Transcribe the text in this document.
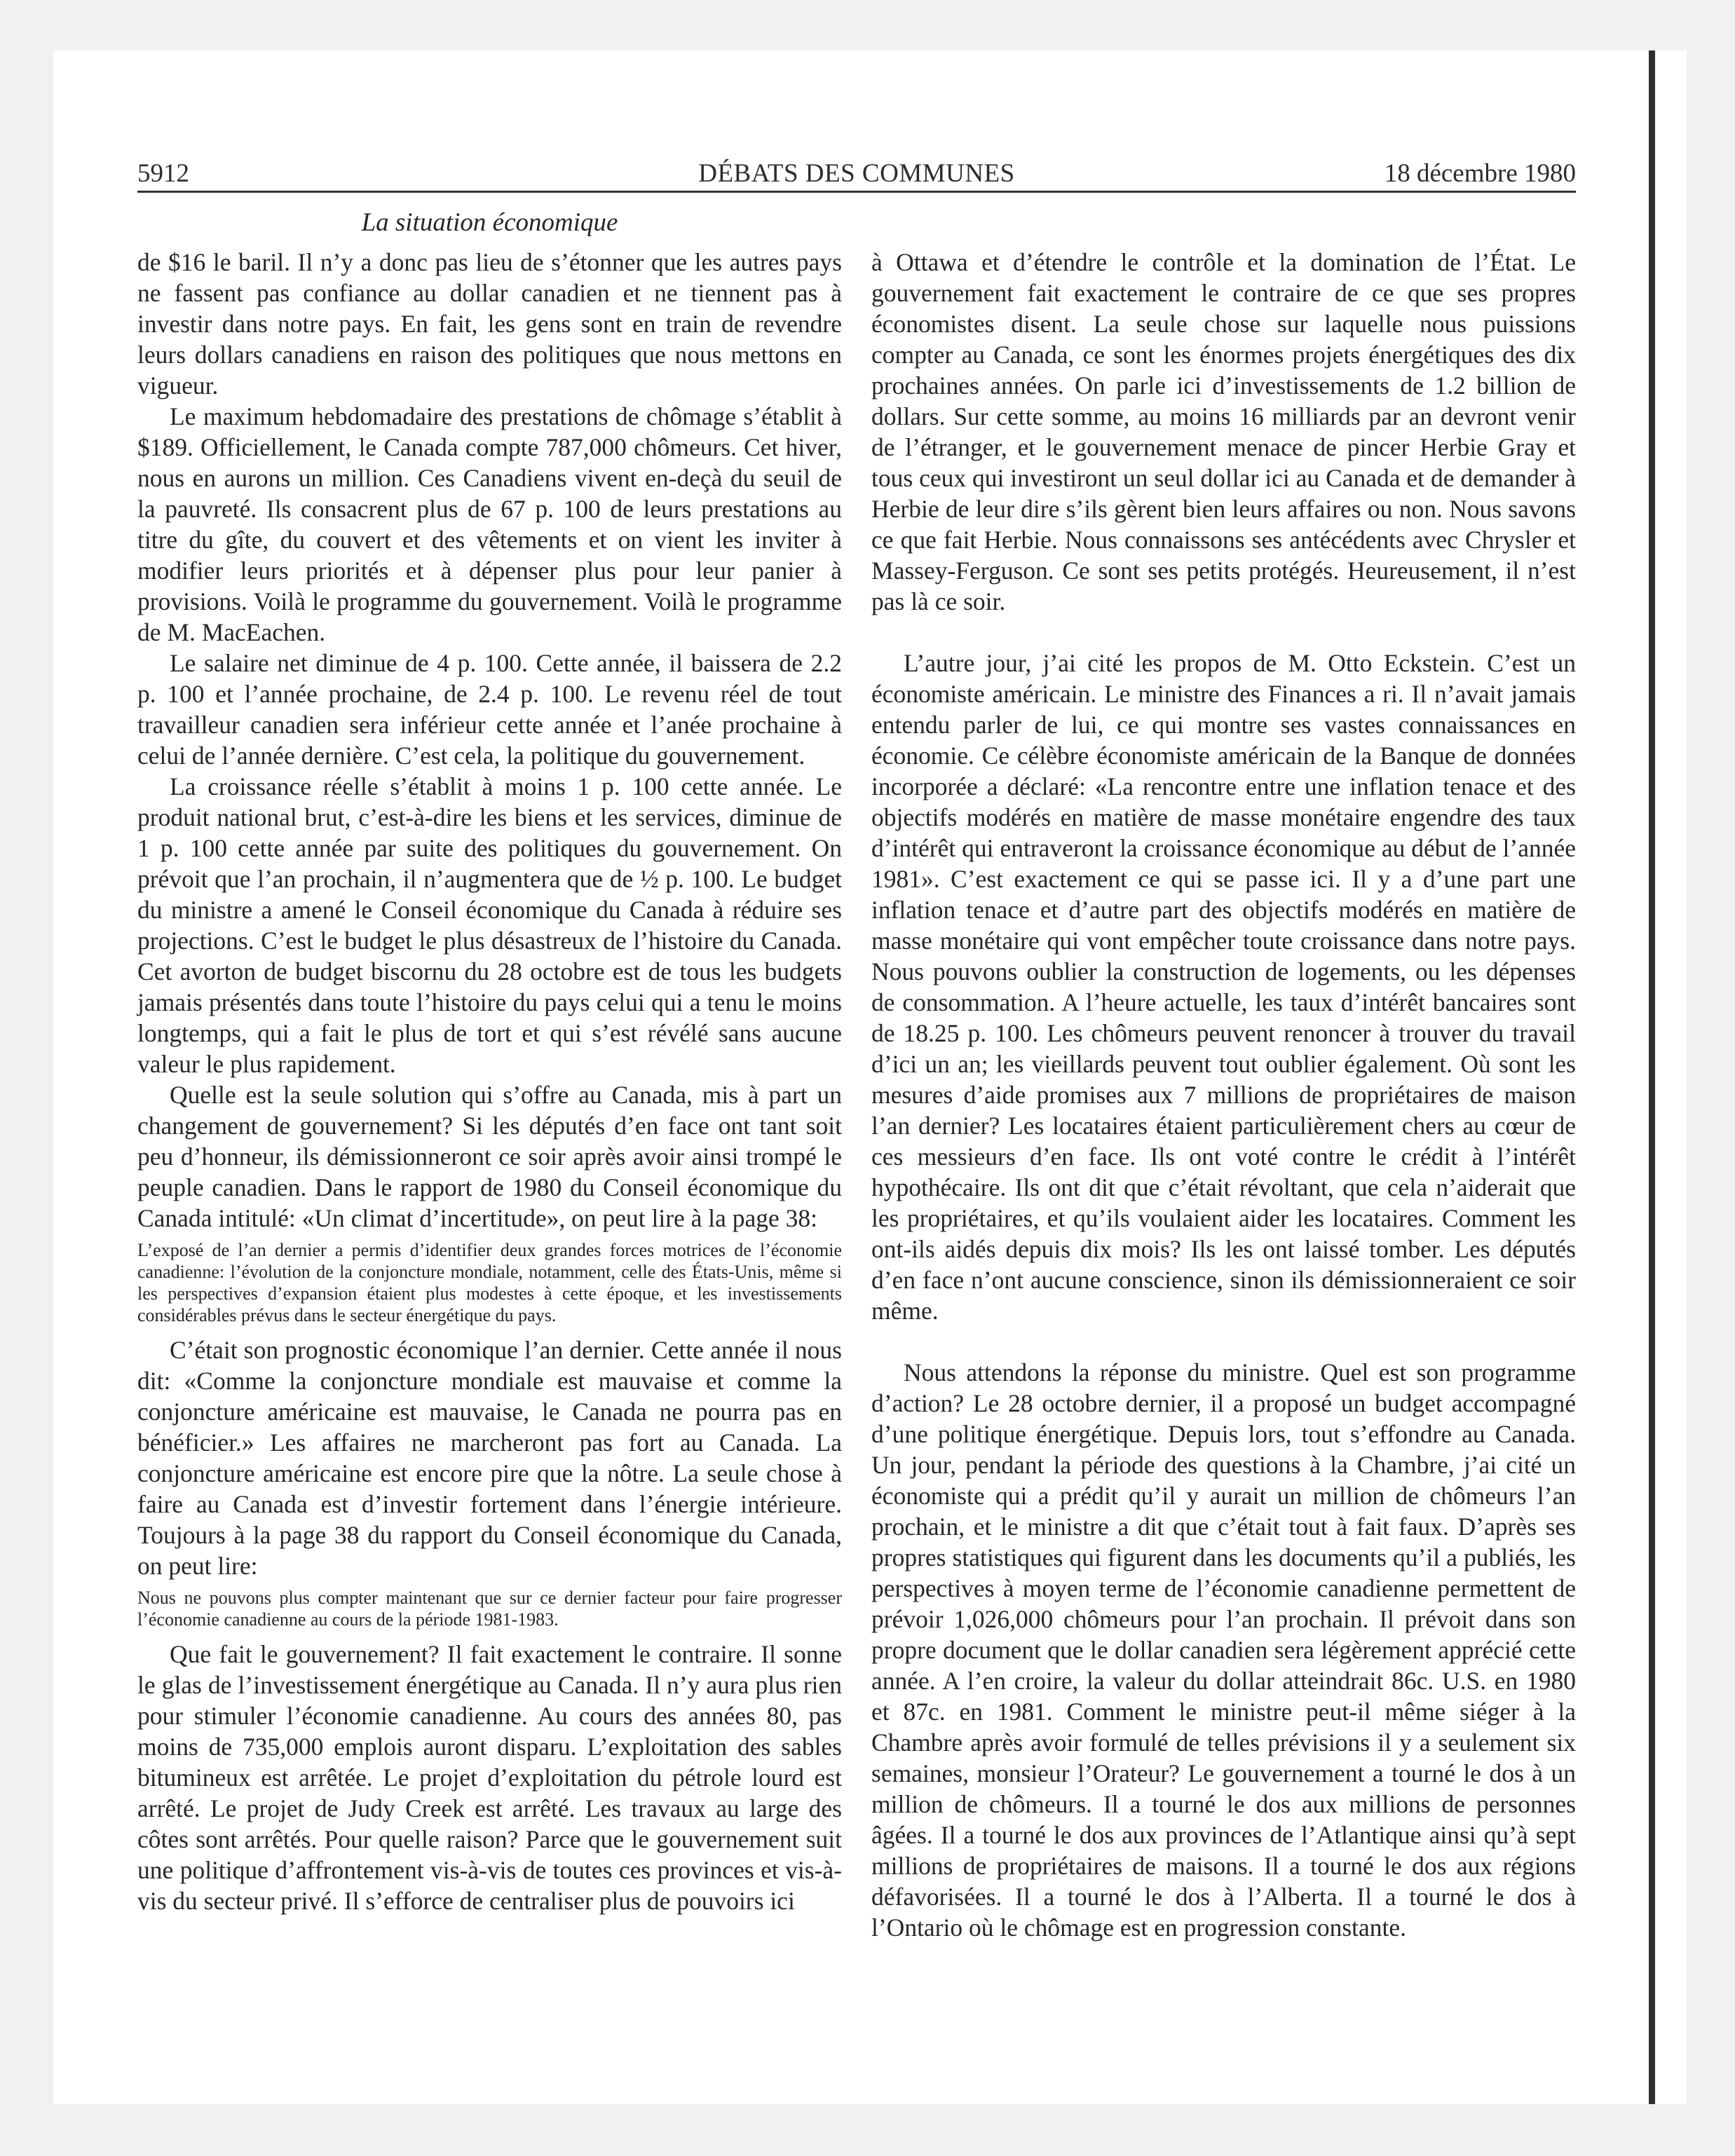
5912	DÉBATS DES COMMUNES	18 décembre 1980
La situation économique

de $16 le baril. Il n’y a donc pas lieu de s’étonner que les autres pays ne fassent pas confiance au dollar canadien et ne tiennent pas à investir dans notre pays. En fait, les gens sont en train de revendre leurs dollars canadiens en raison des politiques que nous mettons en vigueur.

Le maximum hebdomadaire des prestations de chômage s’établit à $189. Officiellement, le Canada compte 787,000 chômeurs. Cet hiver, nous en aurons un million. Ces Canadiens vivent en-deçà du seuil de la pauvreté. Ils consacrent plus de 67 p. 100 de leurs prestations au titre du gîte, du couvert et des vêtements et on vient les inviter à modifier leurs priorités et à dépenser plus pour leur panier à provisions. Voilà le programme du gouvernement. Voilà le programme de M. MacEachen.

Le salaire net diminue de 4 p. 100. Cette année, il baissera de 2.2 p. 100 et l’année prochaine, de 2.4 p. 100. Le revenu réel de tout travailleur canadien sera inférieur cette année et l’anée prochaine à celui de l’année dernière. C’est cela, la politique du gouvernement.

La croissance réelle s’établit à moins 1 p. 100 cette année. Le produit national brut, c’est-à-dire les biens et les services, diminue de 1 p. 100 cette année par suite des politiques du gouvernement. On prévoit que l’an prochain, il n’augmentera que de ½ p. 100. Le budget du ministre a amené le Conseil économique du Canada à réduire ses projections. C’est le budget le plus désastreux de l’histoire du Canada. Cet avorton de budget biscornu du 28 octobre est de tous les budgets jamais présentés dans toute l’histoire du pays celui qui a tenu le moins longtemps, qui a fait le plus de tort et qui s’est révélé sans aucune valeur le plus rapidement.

Quelle est la seule solution qui s’offre au Canada, mis à part un changement de gouvernement? Si les députés d’en face ont tant soit peu d’honneur, ils démissionneront ce soir après avoir ainsi trompé le peuple canadien. Dans le rapport de 1980 du Conseil économique du Canada intitulé: «Un climat d’incertitude», on peut lire à la page 38:

L’exposé de l’an dernier a permis d’identifier deux grandes forces motrices de l’économie canadienne: l’évolution de la conjoncture mondiale, notamment, celle des États-Unis, même si les perspectives d’expansion étaient plus modestes à cette époque, et les investissements considérables prévus dans le secteur énergétique du pays.

C’était son prognostic économique l’an dernier. Cette année il nous dit: «Comme la conjoncture mondiale est mauvaise et comme la conjoncture américaine est mauvaise, le Canada ne pourra pas en bénéficier.» Les affaires ne marcheront pas fort au Canada. La conjoncture américaine est encore pire que la nôtre. La seule chose à faire au Canada est d’investir fortement dans l’énergie intérieure. Toujours à la page 38 du rapport du Conseil économique du Canada, on peut lire:

Nous ne pouvons plus compter maintenant que sur ce dernier facteur pour faire progresser l’économie canadienne au cours de la période 1981-1983.

Que fait le gouvernement? Il fait exactement le contraire. Il sonne le glas de l’investissement énergétique au Canada. Il n’y aura plus rien pour stimuler l’économie canadienne. Au cours des années 80, pas moins de 735,000 emplois auront disparu. L’exploitation des sables bitumineux est arrêtée. Le projet d’exploitation du pétrole lourd est arrêté. Le projet de Judy Creek est arrêté. Les travaux au large des côtes sont arrêtés. Pour quelle raison? Parce que le gouvernement suit une politique d’affrontement vis-à-vis de toutes ces provinces et vis-à-vis du secteur privé. Il s’efforce de centraliser plus de pouvoirs ici

à Ottawa et d’étendre le contrôle et la domination de l’État. Le gouvernement fait exactement le contraire de ce que ses propres économistes disent. La seule chose sur laquelle nous puissions compter au Canada, ce sont les énormes projets énergétiques des dix prochaines années. On parle ici d’investissements de 1.2 billion de dollars. Sur cette somme, au moins 16 milliards par an devront venir de l’étranger, et le gouvernement menace de pincer Herbie Gray et tous ceux qui investiront un seul dollar ici au Canada et de demander à Herbie de leur dire s’ils gèrent bien leurs affaires ou non. Nous savons ce que fait Herbie. Nous connaissons ses antécédents avec Chrysler et Massey-Ferguson. Ce sont ses petits protégés. Heureusement, il n’est pas là ce soir.

L’autre jour, j’ai cité les propos de M. Otto Eckstein. C’est un économiste américain. Le ministre des Finances a ri. Il n’avait jamais entendu parler de lui, ce qui montre ses vastes connaissances en économie. Ce célèbre économiste américain de la Banque de données incorporée a déclaré: «La rencontre entre une inflation tenace et des objectifs modérés en matière de masse monétaire engendre des taux d’intérêt qui entraveront la croissance économique au début de l’année 1981». C’est exactement ce qui se passe ici. Il y a d’une part une inflation tenace et d’autre part des objectifs modérés en matière de masse monétaire qui vont empêcher toute croissance dans notre pays. Nous pouvons oublier la construction de logements, ou les dépenses de consommation. A l’heure actuelle, les taux d’intérêt bancaires sont de 18.25 p. 100. Les chômeurs peuvent renoncer à trouver du travail d’ici un an; les vieillards peuvent tout oublier également. Où sont les mesures d’aide promises aux 7 millions de propriétaires de maison l’an dernier? Les locataires étaient particulièrement chers au cœur de ces messieurs d’en face. Ils ont voté contre le crédit à l’intérêt hypothécaire. Ils ont dit que c’était révoltant, que cela n’aiderait que les propriétaires, et qu’ils voulaient aider les locataires. Comment les ont-ils aidés depuis dix mois? Ils les ont laissé tomber. Les députés d’en face n’ont aucune conscience, sinon ils démissionneraient ce soir même.

Nous attendons la réponse du ministre. Quel est son programme d’action? Le 28 octobre dernier, il a proposé un budget accompagné d’une politique énergétique. Depuis lors, tout s’effondre au Canada. Un jour, pendant la période des questions à la Chambre, j’ai cité un économiste qui a prédit qu’il y aurait un million de chômeurs l’an prochain, et le ministre a dit que c’était tout à fait faux. D’après ses propres statistiques qui figurent dans les documents qu’il a publiés, les perspectives à moyen terme de l’économie canadienne permettent de prévoir 1,026,000 chômeurs pour l’an prochain. Il prévoit dans son propre document que le dollar canadien sera légèrement apprécié cette année. A l’en croire, la valeur du dollar atteindrait 86c. U.S. en 1980 et 87c. en 1981. Comment le ministre peut-il même siéger à la Chambre après avoir formulé de telles prévisions il y a seulement six semaines, monsieur l’Orateur? Le gouvernement a tourné le dos à un million de chômeurs. Il a tourné le dos aux millions de personnes âgées. Il a tourné le dos aux provinces de l’Atlantique ainsi qu’à sept millions de propriétaires de maisons. Il a tourné le dos aux régions défavorisées. Il a tourné le dos à l’Alberta. Il a tourné le dos à l’Ontario où le chômage est en progression constante.
